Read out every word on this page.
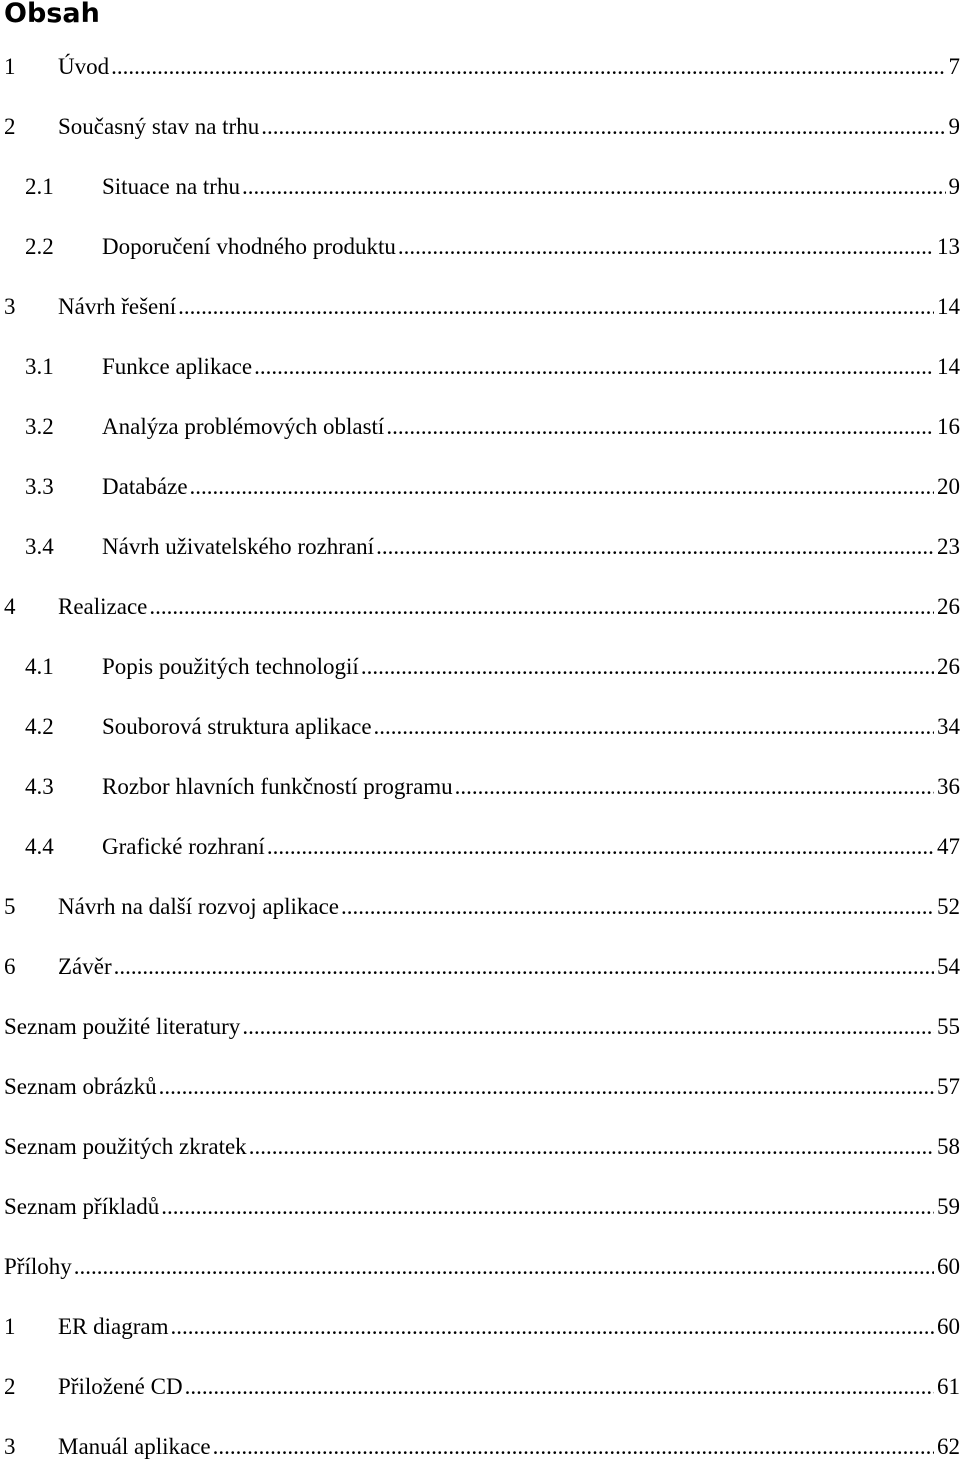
Obsah
1	Úvod .....	7
2	Současný stav na trhu .....	9
2.1	Situace na trhu .....	9
2.2	Doporučení vhodného produktu .....	13
3	Návrh řešení .....	14
3.1	Funkce aplikace .....	14
3.2	Analýza problémových oblastí .....	16
3.3	Databáze .....	20
3.4	Návrh uživatelského rozhraní .....	23
4	Realizace .....	26
4.1	Popis použitých technologií .....	26
4.2	Souborová struktura aplikace .....	34
4.3	Rozbor hlavních funkčností programu .....	36
4.4	Grafické rozhraní .....	47
5	Návrh na další rozvoj aplikace .....	52
6	Závěr .....	54
Seznam použité literatury .....	55
Seznam obrázků .....	57
Seznam použitých zkratek .....	58
Seznam příkladů .....	59
Přílohy .....	60
1	ER diagram .....	60
2	Přiložené CD .....	61
3	Manuál aplikace .....	62
